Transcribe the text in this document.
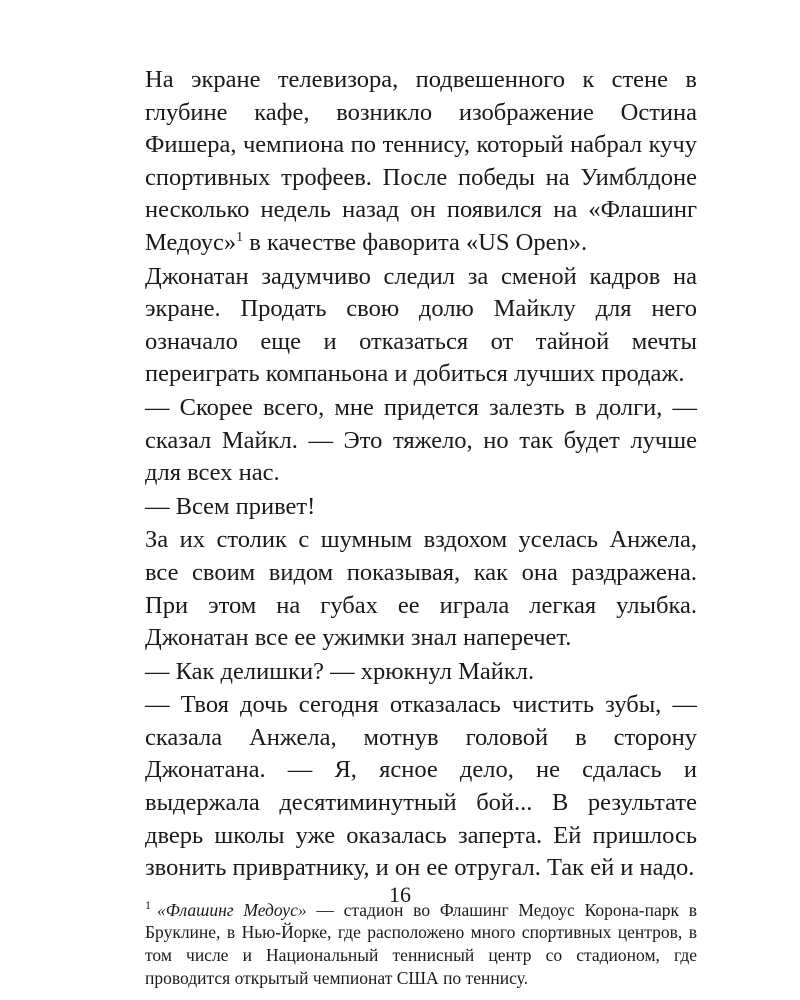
На экране телевизора, подвешенного к стене в глубине кафе, возникло изображение Остина Фишера, чемпиона по теннису, который набрал кучу спортивных трофеев. После победы на Уимблдоне несколько недель назад он появился на «Флашинг Медоус»$^1$ в качестве фаворита «US Open».

Джонатан задумчиво следил за сменой кадров на экране. Продать свою долю Майклу для него означало еще и отказаться от тайной мечты переиграть компаньона и добиться лучших продаж.

— Скорее всего, мне придется залезть в долги, — сказал Майкл. — Это тяжело, но так будет лучше для всех нас.

— Всем привет!

За их столик с шумным вздохом уселась Анжела, все своим видом показывая, как она раздражена. При этом на губах ее играла легкая улыбка. Джонатан все ее ужимки знал наперечет.

— Как делишки? — хрюкнул Майкл.

— Твоя дочь сегодня отказалась чистить зубы, — сказала Анжела, мотнув головой в сторону Джонатана. — Я, ясное дело, не сдалась и выдержала десятиминутный бой... В результате дверь школы уже оказалась заперта. Ей пришлось звонить привратнику, и он ее отругал. Так ей и надо.

$^1$ «Флашинг Медоус» — стадион во Флашинг Медоус Корона-парк в Бруклине, в Нью-Йорке, где расположено много спортивных центров, в том числе и Национальный теннисный центр со стадионом, где проводится открытый чемпионат США по теннису.
16
